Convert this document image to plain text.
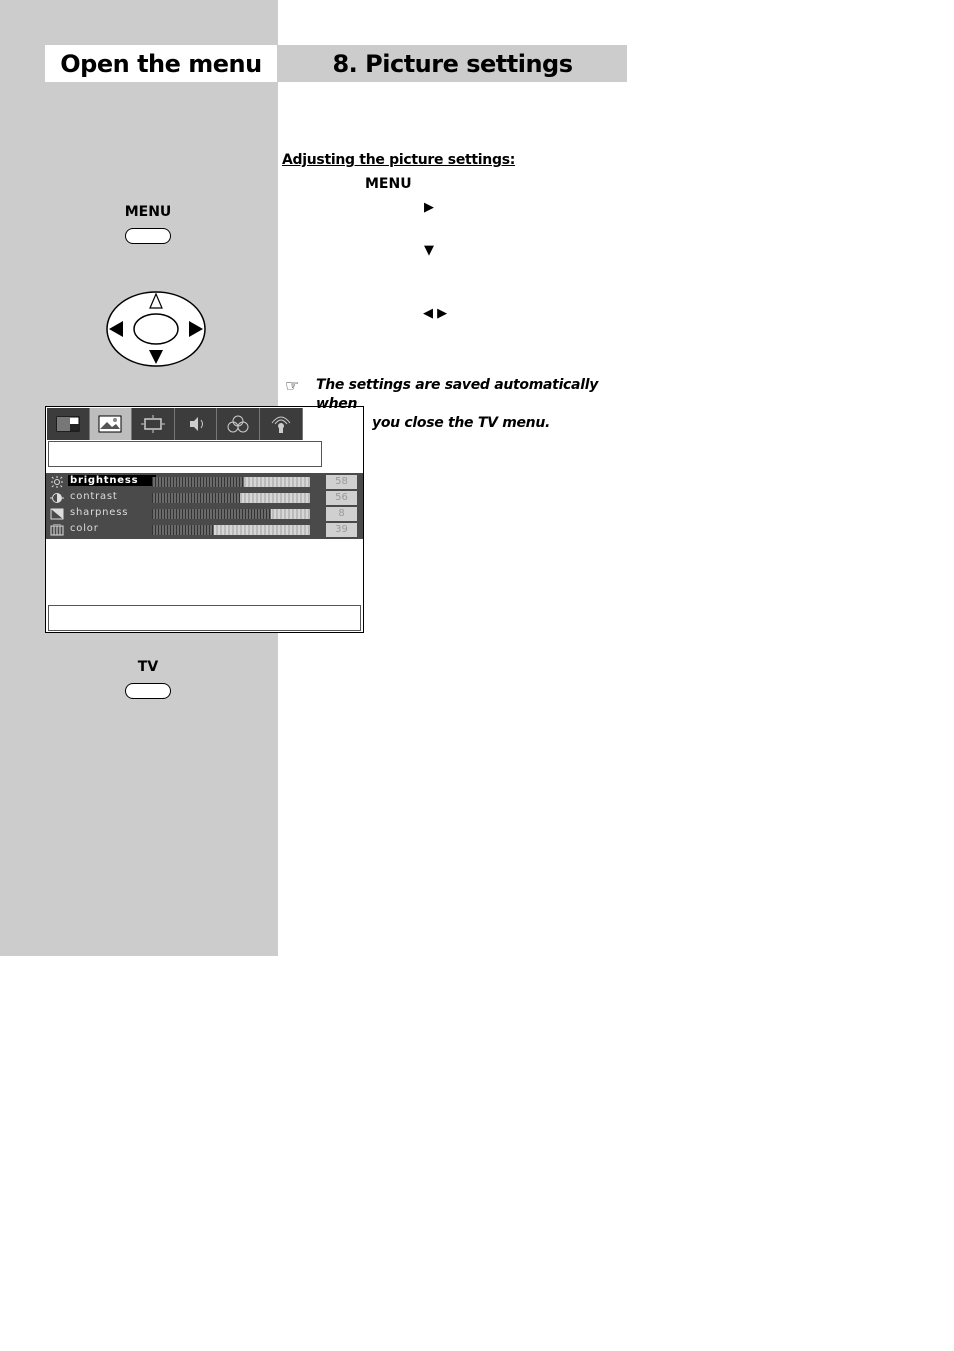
Open the menu	8. Picture settings
Adjusting the picture settings:
MENU
▶
▼
◀ ▶
MENU
brightness	58
contrast	56
sharpness	8
color	39
☞ The settings are saved automatically when
you close the TV menu.
TV
